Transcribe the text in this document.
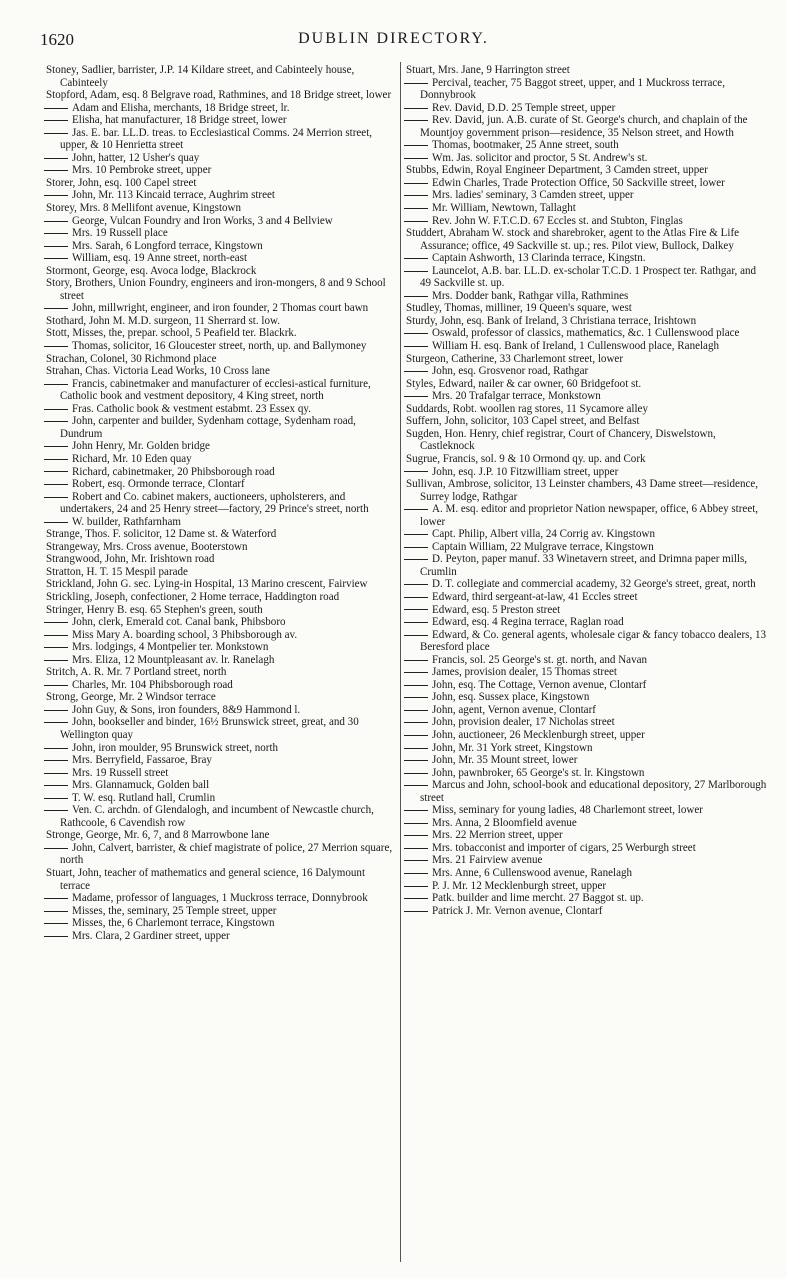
1620	DUBLIN DIRECTORY.
Stoney, Sadlier, barrister, J.P. 14 Kildare street, and Cabinteely house, Cabinteely
Stopford, Adam, esq. 8 Belgrave road, Rathmines, and 18 Bridge street, lower
Adam and Elisha, merchants, 18 Bridge street, lr.
Elisha, hat manufacturer, 18 Bridge street, lower
Jas. E. bar. LL.D. treas. to Ecclesiastical Comms. 24 Merrion street, upper, & 10 Henrietta street
John, hatter, 12 Usher's quay
Mrs. 10 Pembroke street, upper
Storer, John, esq. 100 Capel street
John, Mr. 113 Kincaid terrace, Aughrim street
Storey, Mrs. 8 Mellifont avenue, Kingstown
George, Vulcan Foundry and Iron Works, 3 and 4 Bellview
Mrs. 19 Russell place
Mrs. Sarah, 6 Longford terrace, Kingstown
William, esq. 19 Anne street, north-east
Stormont, George, esq. Avoca lodge, Blackrock
Story, Brothers, Union Foundry, engineers and iron-mongers, 8 and 9 School street
John, millwright, engineer, and iron founder, 2 Thomas court bawn
Stothard, John M. M.D. surgeon, 11 Sherrard st. low.
Stott, Misses, the, prepar. school, 5 Peafield ter. Blackrk.
Thomas, solicitor, 16 Gloucester street, north, up. and Ballymoney
Strachan, Colonel, 30 Richmond place
Strahan, Chas. Victoria Lead Works, 10 Cross lane
Francis, cabinetmaker and manufacturer of ecclesi-astical furniture, Catholic book and vestment depository, 4 King street, north
Fras. Catholic book & vestment estabmt. 23 Essex qy.
John, carpenter and builder, Sydenham cottage, Sydenham road, Dundrum
John Henry, Mr. Golden bridge
Richard, Mr. 10 Eden quay
Richard, cabinetmaker, 20 Phibsborough road
Robert, esq. Ormonde terrace, Clontarf
Robert and Co. cabinet makers, auctioneers, upholsterers, and undertakers, 24 and 25 Henry street—factory, 29 Prince's street, north
W. builder, Rathfarnham
Strange, Thos. F. solicitor, 12 Dame st. & Waterford
Strangeway, Mrs. Cross avenue, Booterstown
Strangwood, John, Mr. Irishtown road
Stratton, H. T. 15 Mespil parade
Strickland, John G. sec. Lying-in Hospital, 13 Marino crescent, Fairview
Strickling, Joseph, confectioner, 2 Home terrace, Haddington road
Stringer, Henry B. esq. 65 Stephen's green, south
John, clerk, Emerald cot. Canal bank, Phibsboro
Miss Mary A. boarding school, 3 Phibsborough av.
Mrs. lodgings, 4 Montpelier ter. Monkstown
Mrs. Eliza, 12 Mountpleasant av. lr. Ranelagh
Stritch, A. R. Mr. 7 Portland street, north
Charles, Mr. 104 Phibsborough road
Strong, George, Mr. 2 Windsor terrace
John Guy, & Sons, iron founders, 8&9 Hammond l.
John, bookseller and binder, 16½ Brunswick street, great, and 30 Wellington quay
John, iron moulder, 95 Brunswick street, north
Mrs. Berryfield, Fassaroe, Bray
Mrs. 19 Russell street
Mrs. Glannamuck, Golden ball
T. W. esq. Rutland hall, Crumlin
Ven. C. archdn. of Glendalogh, and incumbent of Newcastle church, Rathcoole, 6 Cavendish row
Stronge, George, Mr. 6, 7, and 8 Marrowbone lane
John, Calvert, barrister, & chief magistrate of police, 27 Merrion square, north
Stuart, John, teacher of mathematics and general science, 16 Dalymount terrace
Madame, professor of languages, 1 Muckross terrace, Donnybrook
Misses, the, seminary, 25 Temple street, upper
Misses, the, 6 Charlemont terrace, Kingstown
Mrs. Clara, 2 Gardiner street, upper
Stuart, Mrs. Jane, 9 Harrington street
Percival, teacher, 75 Baggot street, upper, and 1 Muckross terrace, Donnybrook
Rev. David, D.D. 25 Temple street, upper
Rev. David, jun. A.B. curate of St. George's church, and chaplain of the Mountjoy government prison—residence, 35 Nelson street, and Howth
Thomas, bootmaker, 25 Anne street, south
Wm. Jas. solicitor and proctor, 5 St. Andrew's st.
Stubbs, Edwin, Royal Engineer Department, 3 Camden street, upper
Edwin Charles, Trade Protection Office, 50 Sackville street, lower
Mrs. ladies' seminary, 3 Camden street, upper
Mr. William, Newtown, Tallaght
Rev. John W. F.T.C.D. 67 Eccles st. and Stubton, Finglas
Studdert, Abraham W. stock and sharebroker, agent to the Atlas Fire & Life Assurance; office, 49 Sackville st. up.; res. Pilot view, Bullock, Dalkey
Captain Ashworth, 13 Clarinda terrace, Kingstn.
Launcelot, A.B. bar. LL.D. ex-scholar T.C.D. 1 Prospect ter. Rathgar, and 49 Sackville st. up.
Mrs. Dodder bank, Rathgar villa, Rathmines
Studley, Thomas, milliner, 19 Queen's square, west
Sturdy, John, esq. Bank of Ireland, 3 Christiana terrace, Irishtown
Oswald, professor of classics, mathematics, &c. 1 Cullenswood place
William H. esq. Bank of Ireland, 1 Cullenswood place, Ranelagh
Sturgeon, Catherine, 33 Charlemont street, lower
John, esq. Grosvenor road, Rathgar
Styles, Edward, nailer & car owner, 60 Bridgefoot st.
Mrs. 20 Trafalgar terrace, Monkstown
Suddards, Robt. woollen rag stores, 11 Sycamore alley
Suffern, John, solicitor, 103 Capel street, and Belfast
Sugden, Hon. Henry, chief registrar, Court of Chancery, Diswelstown, Castleknock
Sugrue, Francis, sol. 9 & 10 Ormond qy. up. and Cork
John, esq. J.P. 10 Fitzwilliam street, upper
Sullivan, Ambrose, solicitor, 13 Leinster chambers, 43 Dame street—residence, Surrey lodge, Rathgar
A. M. esq. editor and proprietor Nation newspaper, office, 6 Abbey street, lower
Capt. Philip, Albert villa, 24 Corrig av. Kingstown
Captain William, 22 Mulgrave terrace, Kingstown
D. Peyton, paper manuf. 33 Winetavern street, and Drimna paper mills, Crumlin
D. T. collegiate and commercial academy, 32 George's street, great, north
Edward, third sergeant-at-law, 41 Eccles street
Edward, esq. 5 Preston street
Edward, esq. 4 Regina terrace, Raglan road
Edward, & Co. general agents, wholesale cigar & fancy tobacco dealers, 13 Beresford place
Francis, sol. 25 George's st. gt. north, and Navan
James, provision dealer, 15 Thomas street
John, esq. The Cottage, Vernon avenue, Clontarf
John, esq. Sussex place, Kingstown
John, agent, Vernon avenue, Clontarf
John, provision dealer, 17 Nicholas street
John, auctioneer, 26 Mecklenburgh street, upper
John, Mr. 31 York street, Kingstown
John, Mr. 35 Mount street, lower
John, pawnbroker, 65 George's st. lr. Kingstown
Marcus and John, school-book and educational depository, 27 Marlborough street
Miss, seminary for young ladies, 48 Charlemont street, lower
Mrs. Anna, 2 Bloomfield avenue
Mrs. 22 Merrion street, upper
Mrs. tobacconist and importer of cigars, 25 Werburgh street
Mrs. 21 Fairview avenue
Mrs. Anne, 6 Cullenswood avenue, Ranelagh
P. J. Mr. 12 Mecklenburgh street, upper
Patk. builder and lime mercht. 27 Baggot st. up.
Patrick J. Mr. Vernon avenue, Clontarf
